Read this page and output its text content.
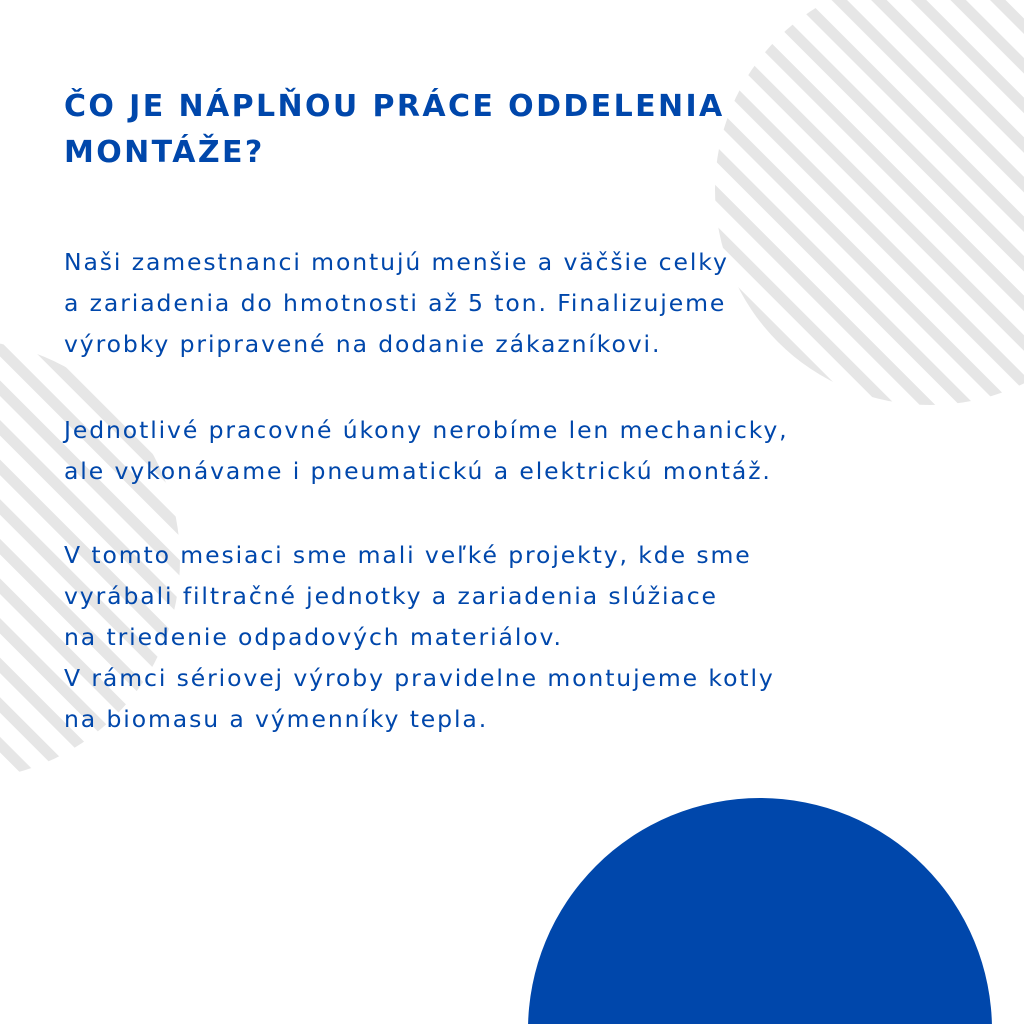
ČO JE NÁPLŇOU PRÁCE ODDELENIA
MONTÁŽE?
Naši zamestnanci montujú menšie a väčšie celky
a zariadenia do hmotnosti až 5 ton. Finalizujeme
výrobky pripravené na dodanie zákazníkovi.
Jednotlivé pracovné úkony nerobíme len mechanicky,
ale vykonávame i pneumatickú a elektrickú montáž.
V tomto mesiaci sme mali veľké projekty, kde sme
vyrábali filtračné jednotky a zariadenia slúžiace
na triedenie odpadových materiálov.
V rámci sériovej výroby pravidelne montujeme kotly
na biomasu a výmenníky tepla.
